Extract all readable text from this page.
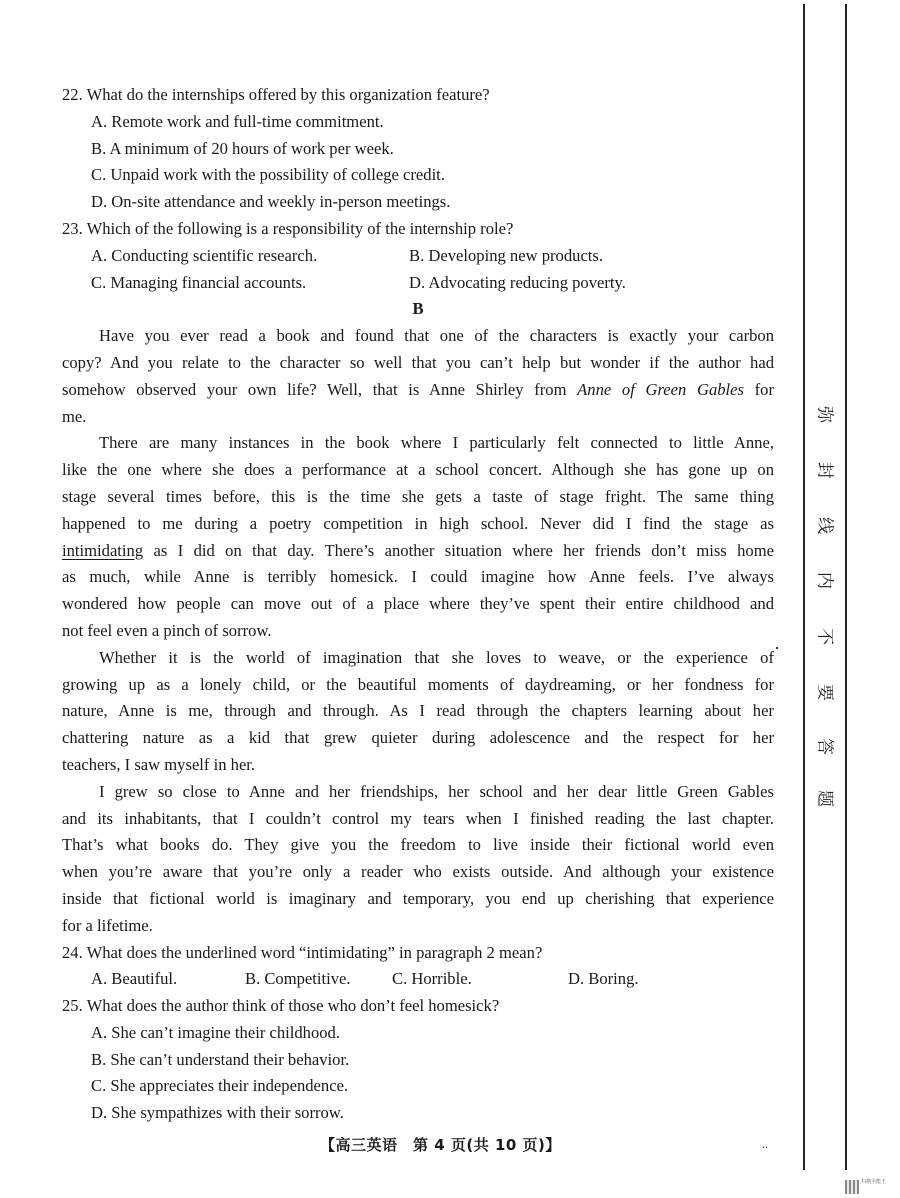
弥
封
线
内
不
要
答
题
22. What do the internships offered by this organization feature?
A. Remote work and full-time commitment.
B. A minimum of 20 hours of work per week.
C. Unpaid work with the possibility of college credit.
D. On-site attendance and weekly in-person meetings.
23. Which of the following is a responsibility of the internship role?
A. Conducting scientific research.	B. Developing new products.
C. Managing financial accounts.	D. Advocating reducing poverty.
B
Have you ever read a book and found that one of the characters is exactly your carbon
copy? And you relate to the character so well that you can’t help but wonder if the author had
somehow observed your own life? Well, that is Anne Shirley from Anne of Green Gables for
me.
There are many instances in the book where I particularly felt connected to little Anne,
like the one where she does a performance at a school concert. Although she has gone up on
stage several times before, this is the time she gets a taste of stage fright. The same thing
happened to me during a poetry competition in high school. Never did I find the stage as
intimidating as I did on that day. There’s another situation where her friends don’t miss home
as much, while Anne is terribly homesick. I could imagine how Anne feels. I’ve always
wondered how people can move out of a place where they’ve spent their entire childhood and
not feel even a pinch of sorrow.
Whether it is the world of imagination that she loves to weave, or the experience of
growing up as a lonely child, or the beautiful moments of daydreaming, or her fondness for
nature, Anne is me, through and through. As I read through the chapters learning about her
chattering nature as a kid that grew quieter during adolescence and the respect for her
teachers, I saw myself in her.
I grew so close to Anne and her friendships, her school and her dear little Green Gables
and its inhabitants, that I couldn’t control my tears when I finished reading the last chapter.
That’s what books do. They give you the freedom to live inside their fictional world even
when you’re aware that you’re only a reader who exists outside. And although your existence
inside that fictional world is imaginary and temporary, you end up cherishing that experience
for a lifetime.
24. What does the underlined word “intimidating” in paragraph 2 mean?
A. Beautiful.	B. Competitive. C. Horrible.	D. Boring.
25. What does the author think of those who don’t feel homesick?
A. She can’t imagine their childhood.
B. She can’t understand their behavior.
C. She appreciates their independence.
D. She sympathizes with their sorrow.
【高三英语　第 4 页(共 10 页)】	..
扫描全能王
